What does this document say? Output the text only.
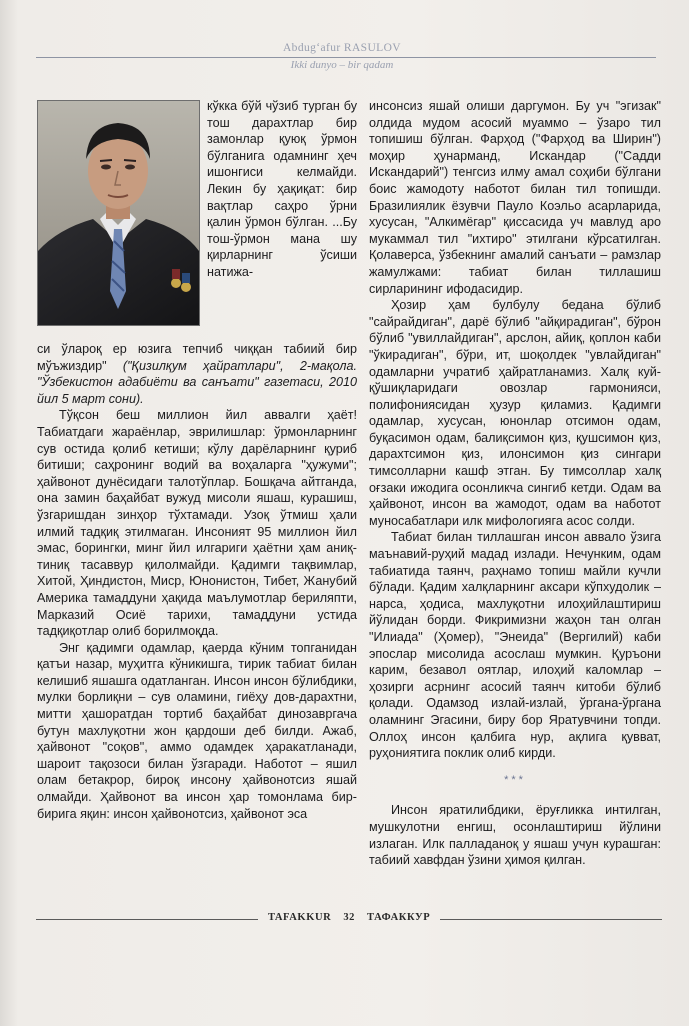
Abdug‘afur RASULOV
Ikki dunyo – bir qadam
кўкка бўй чўзиб турган бу тош дарахтлар бир замонлар қуюқ ўрмон бўлганига одамнинг ҳеч ишонгиси келмайди. Лекин бу ҳақиқат: бир вақтлар саҳро ўрни қалин ўрмон бўлган. ...Бу тош-ўрмон мана шу қирларнинг ўсиши натижа-

си ўлароқ ер юзига тепчиб чиққан табиий бир мўъжиздир" ("Қизилқум ҳайратлари", 2-мақола. "Ўзбекистон адабиёти ва санъати" газетаси, 2010 йил 5 март сони).

Тўқсон беш миллион йил аввалги ҳаёт! Табиатдаги жараёнлар, эврилишлар: ўрмонларнинг сув остида қолиб кетиши; кўлу дарёларнинг қуриб битиши; саҳронинг водий ва воҳаларга "ҳужуми"; ҳайвонот дунёсидаги талотўплар. Бошқача айтганда, она замин баҳайбат вужуд мисоли яшаш, курашиш, ўзгаришдан зинҳор тўхтамади. Узоқ ўтмиш ҳали илмий тадқиқ этилмаган. Инсоният 95 миллион йил эмас, борингки, минг йил илгариги ҳаётни ҳам аниқ-тиниқ тасаввур қилолмайди. Қадимги тақвимлар, Хитой, Ҳиндистон, Миср, Юнонистон, Тибет, Жанубий Америка тамаддуни ҳақида маълумотлар бериляпти, Марказий Осиё тарихи, тамаддуни устида тадқиқотлар олиб борилмоқда.

Энг қадимги одамлар, қаерда кўним топганидан қатъи назар, муҳитга кўникишга, тирик табиат билан келишиб яшашга одатланган. Инсон инсон бўлибдики, мулки борлиқни – сув оламини, гиёҳу дов-дарахтни, митти ҳашоратдан тортиб баҳайбат динозавргача бутун махлуқотни жон қардоши деб билди. Ажаб, ҳайвонот "соқов", аммо одамдек ҳаракатланади, шароит тақозоси билан ўзгаради. Наботот – яшил олам бетакрор, бироқ инсону ҳайвонотсиз яшай олмайди. Ҳайвонот ва инсон ҳар томонлама бир-бирига яқин: инсон ҳайвонотсиз, ҳайвонот эса

инсонсиз яшай олиши даргумон. Бу уч "эгизак" олдида мудом асосий муаммо – ўзаро тил топишиш бўлган. Фарҳод ("Фарҳод ва Ширин") моҳир ҳунарманд, Искандар ("Садди Искандарий") тенгсиз илму амал соҳиби бўлгани боис жамодоту наботот билан тил топишди. Бразилиялик ёзувчи Пауло Коэльо асарларида, хусусан, "Алкимёгар" қиссасида уч мавлуд аро мукаммал тил "ихтиро" этилгани кўрсатилган. Қолаверса, ўзбекнинг амалий санъати – рамзлар жамулжами: табиат билан тиллашиш сирларининг ифодасидир.

Ҳозир ҳам булбулу бедана бўлиб "сайрайдиган", дарё бўлиб "айқирадиган", бўрон бўлиб "увиллайдиган", арслон, айиқ, қоплон каби "ўкирадиган", бўри, ит, шоқолдек "увлайдиган" одамларни учратиб ҳайратланамиз. Халқ куй-қўшиқларидаги овозлар гармонияси, полифониясидан ҳузур қиламиз. Қадимги одамлар, хусусан, юнонлар отсимон одам, буқасимон одам, балиқсимон қиз, қушсимон қиз, дарахтсимон қиз, илонсимон қиз сингари тимсолларни кашф этган. Бу тимсоллар халқ оғзаки ижодига осонликча сингиб кетди. Одам ва ҳайвонот, инсон ва жамодот, одам ва наботот муносабатлари илк мифологияга асос солди.

Табиат билан тиллашган инсон аввало ўзига маънавий-руҳий мадад излади. Нечунким, одам табиатида таянч, раҳнамо топиш майли кучли бўлади. Қадим халқларнинг аксари кўпхудолик – нарса, ҳодиса, махлуқотни илоҳийлаштириш йўлидан борди. Фикримизни жаҳон тан олган "Илиада" (Ҳомер), "Энеида" (Вергилий) каби эпослар мисолида асослаш мумкин. Қуръони карим, безавол оятлар, илоҳий каломлар – ҳозирги асрнинг асосий таянч китоби бўлиб қолади. Одамзод излай-излай, ўргана-ўргана оламнинг Эгасини, бирy бор Яратувчини топди. Оллоҳ инсон қалбига нур, ақлига қувват, руҳониятига поклик олиб кирди.

***

Инсон яратилибдики, ёруғликка интилган, мушкулотни енгиш, осонлаштириш йўлини излаган. Илк палладаноқ у яшаш учун курашган: табиий хавфдан ўзини ҳимоя қилган.

TAFAKKUR 32 ТАФАККУР
